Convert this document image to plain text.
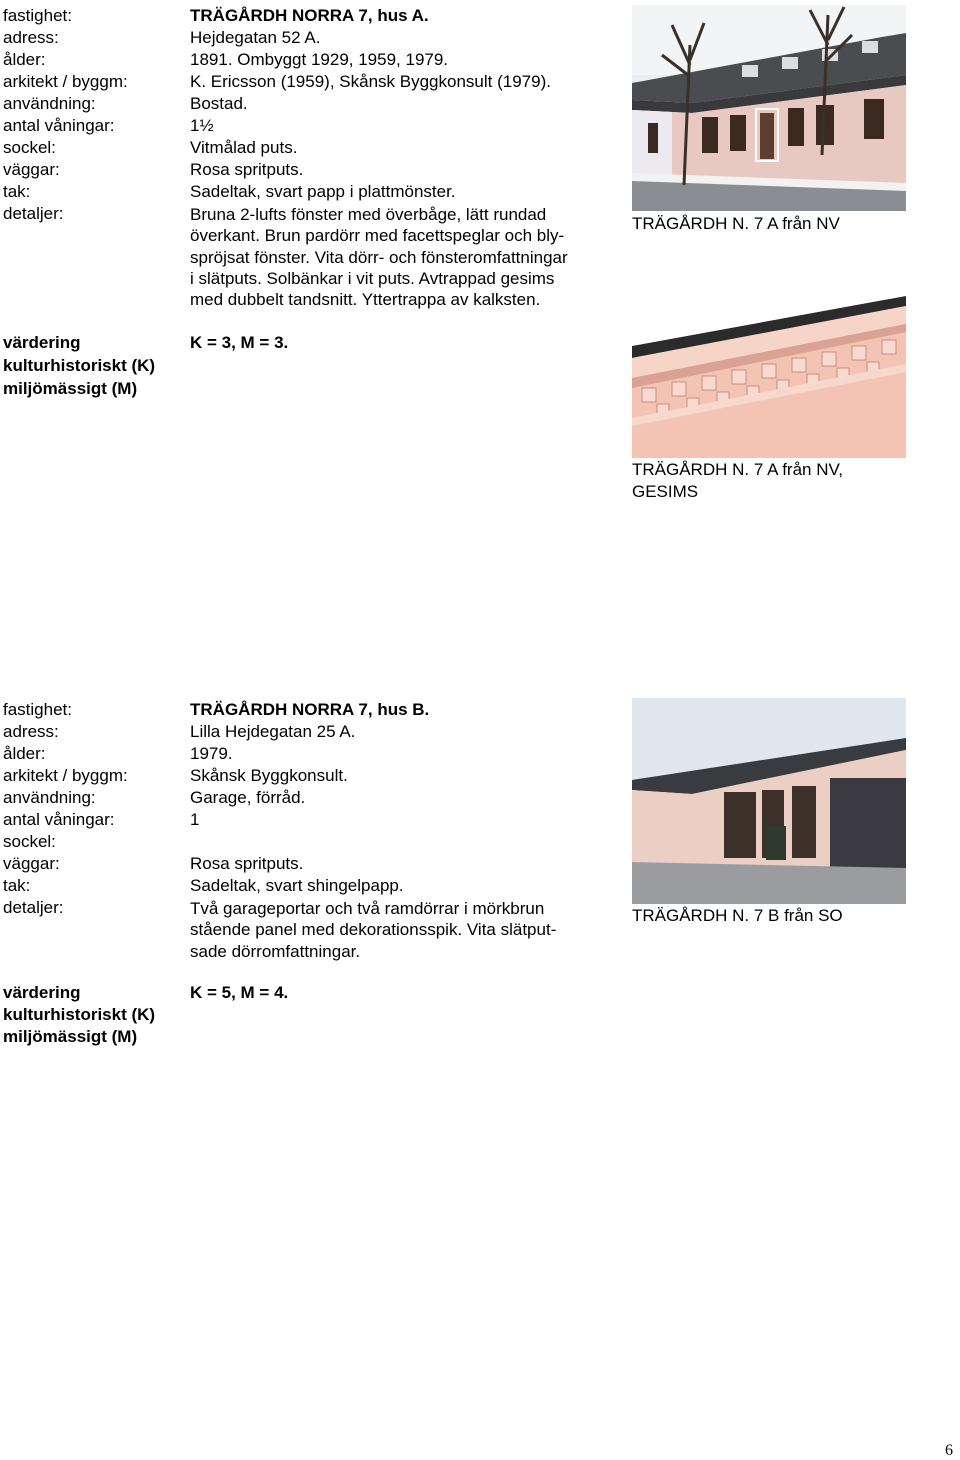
fastighet:	TRÄGÅRDH NORRA 7, hus A.
adress:	Hejdegatan 52 A.
ålder:	1891. Ombyggt 1929, 1959, 1979.
arkitekt / byggm:	K. Ericsson (1959), Skånsk Byggkonsult (1979).
användning:	Bostad.
antal våningar:	1½
sockel:	Vitmålad puts.
väggar:	Rosa spritputs.
tak:	Sadeltak, svart papp i plattmönster.
detaljer:	Bruna 2-lufts fönster med överbåge, lätt rundad
överkant. Brun pardörr med facettspeglar och bly-
spröjsat fönster. Vita dörr- och fönsteromfattningar
i slätputs. Solbänkar i vit puts. Avtrappad gesims
med dubbelt tandsnitt. Yttertrappa av kalksten.
värdering	K = 3, M = 3.
kulturhistoriskt (K)
miljömässigt (M)
TRÄGÅRDH N. 7 A från NV
TRÄGÅRDH N. 7 A från NV,
GESIMS
fastighet:	TRÄGÅRDH NORRA 7, hus B.
adress:	Lilla Hejdegatan 25 A.
ålder:	1979.
arkitekt / byggm:	Skånsk Byggkonsult.
användning:	Garage, förråd.
antal våningar:	1
sockel:
väggar:	Rosa spritputs.
tak:	Sadeltak, svart shingelpapp.
detaljer:	Två garageportar och två ramdörrar i mörkbrun
stående panel med dekorationsspik. Vita slätput-
sade dörromfattningar.
värdering	K = 5, M = 4.
kulturhistoriskt (K)
miljömässigt (M)
TRÄGÅRDH N. 7 B från SO
6
